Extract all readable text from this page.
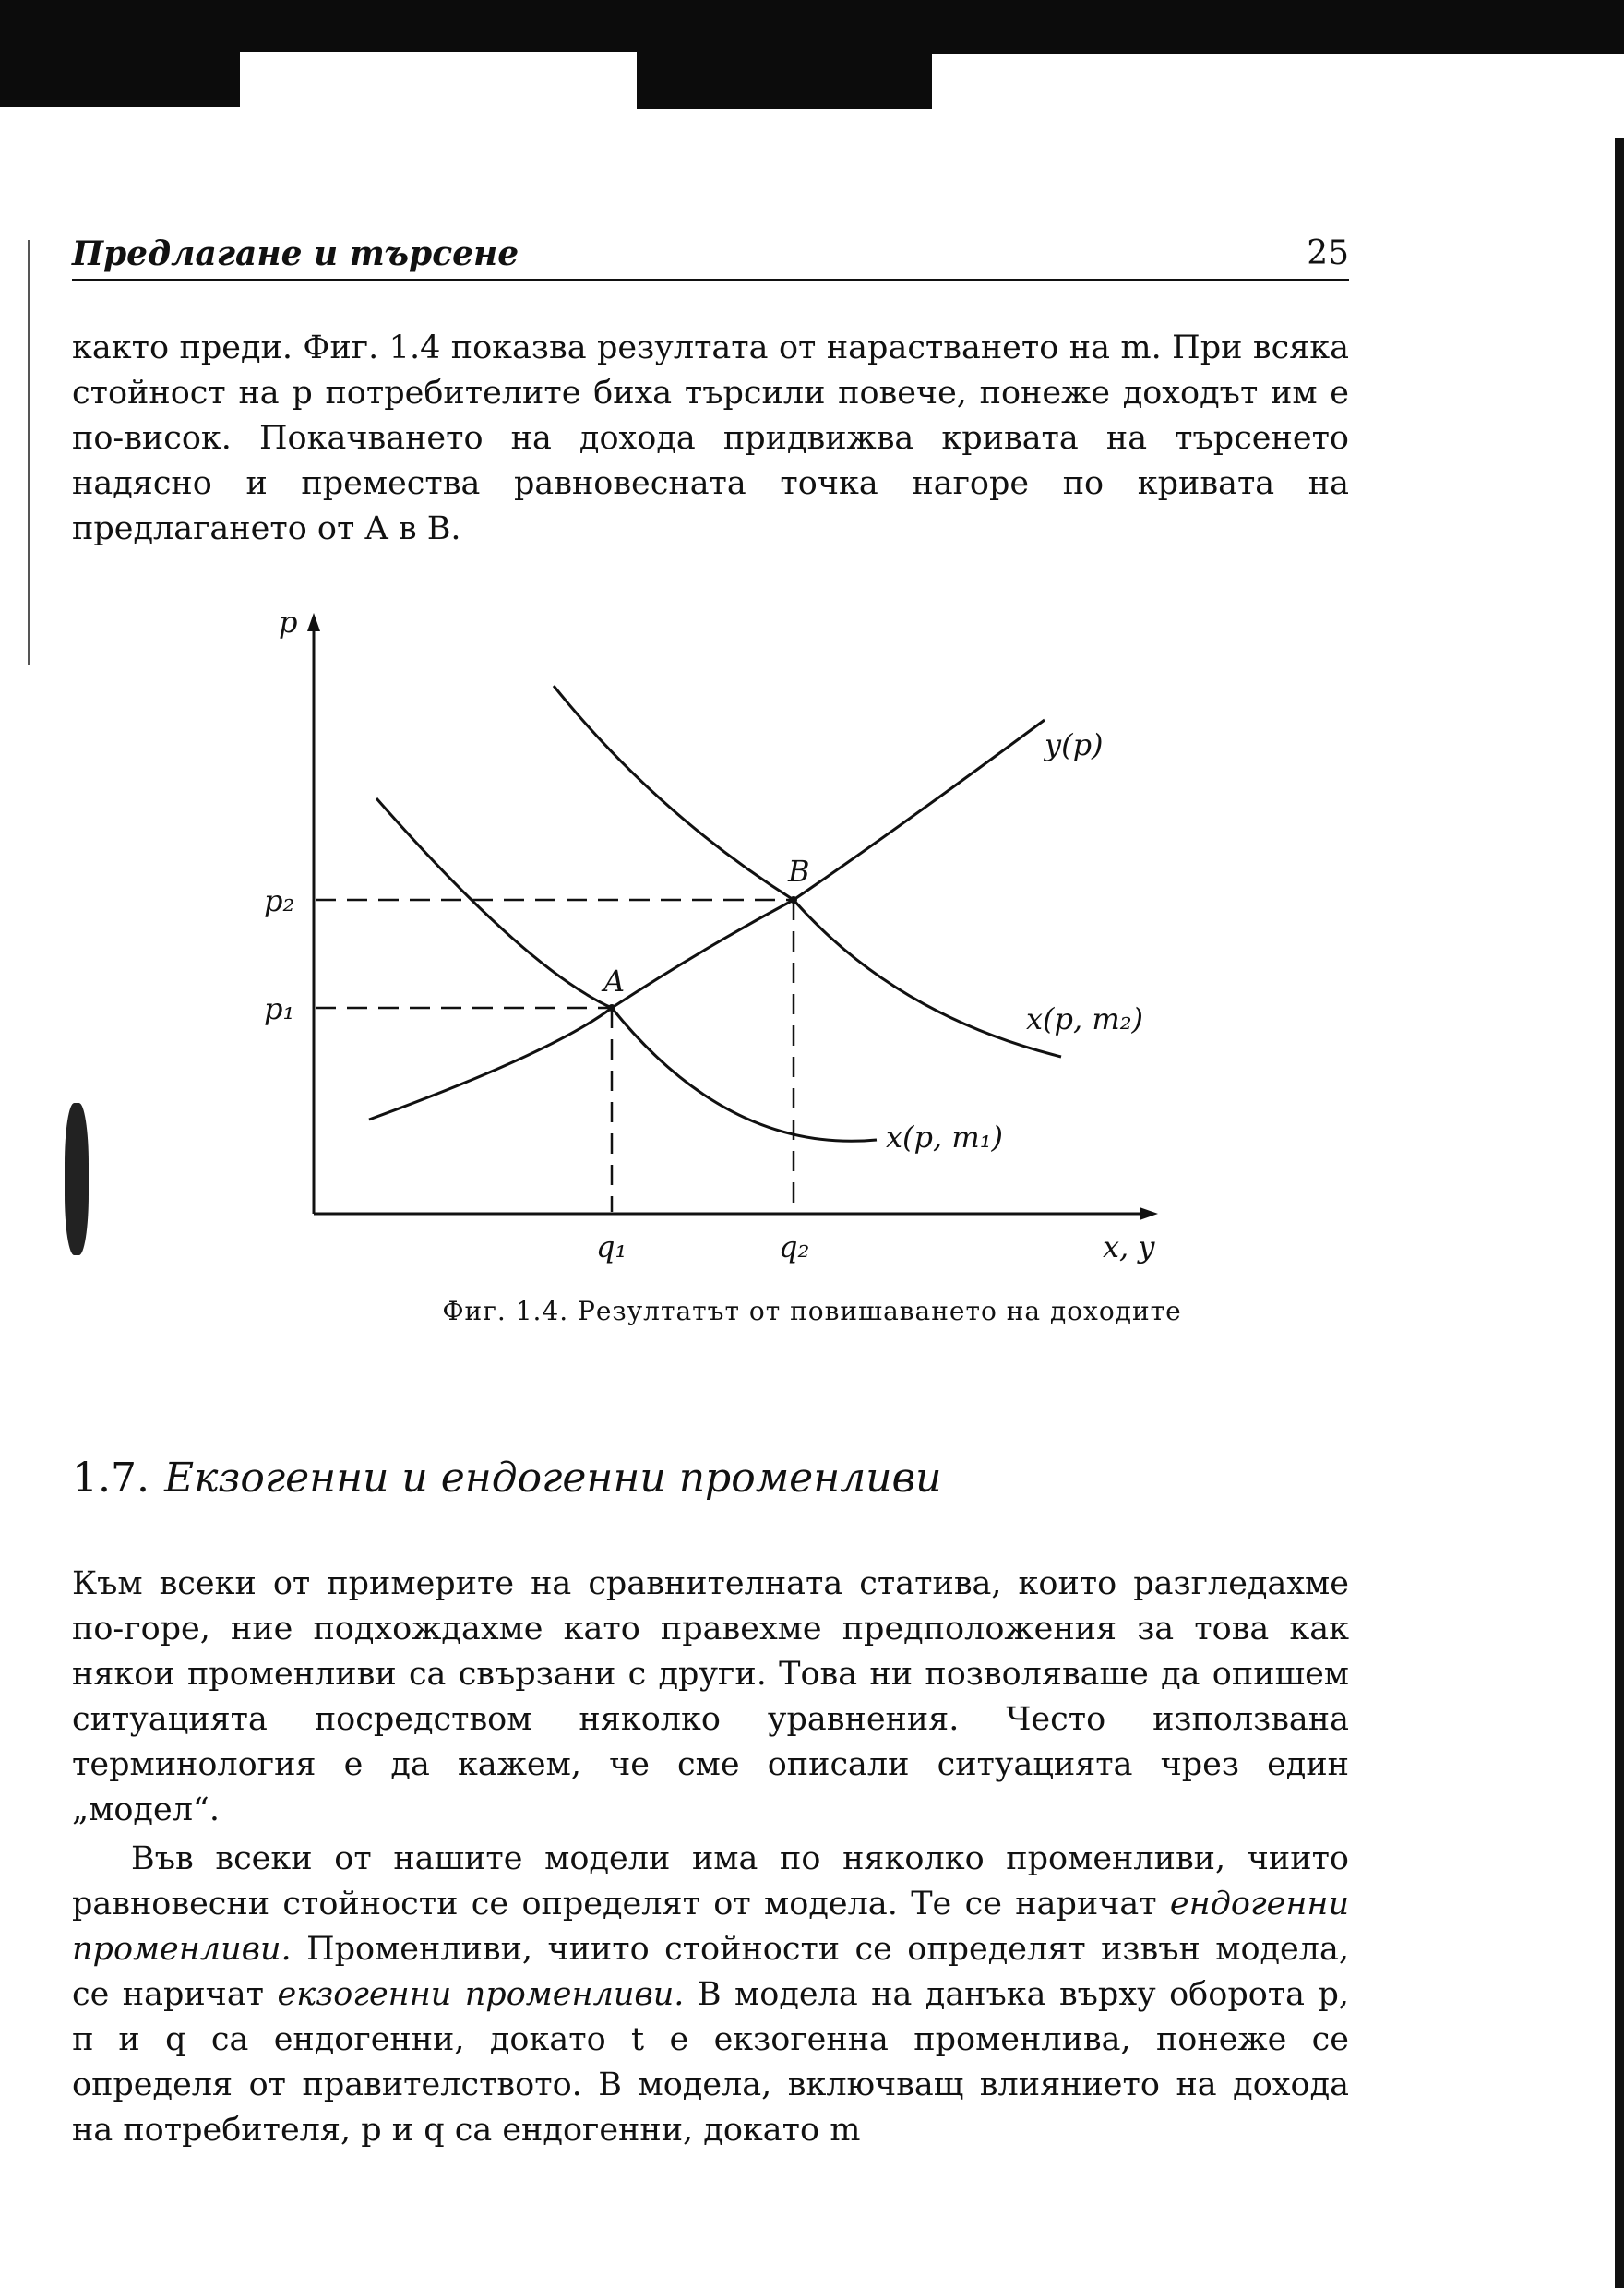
Предлагане и търсене	25

както преди. Фиг. 1.4 показва резултата от нарастването на m. При всяка стойност на p потребителите биха търсили повече, понеже доходът им е по-висок. Покачването на дохода придвижва кривата на търсенето надясно и премества равновесната точка нагоре по кривата на предлагането от A в B.

p
x, y
p₂
p₁
q₁	q₂
A
B
y(p)
x(p, m₂)
x(p, m₁)
Фиг. 1.4. Резултатът от повишаването на доходите
1.7. Екзогенни и ендогенни променливи

Към всеки от примерите на сравнителната статива, които разгледахме по-горе, ние подхождахме като правехме предположения за това как някои променливи са свързани с други. Това ни позволяваше да опишем ситуацията посредством няколко уравнения. Често използвана терминология е да кажем, че сме описали ситуацията чрез един „модел“.

Във всеки от нашите модели има по няколко променливи, чиито равновесни стойности се определят от модела. Те се наричат ендогенни променливи. Променливи, чиито стойности се определят извън модела, се наричат екзогенни променливи. В модела на данъка върху оборота p, π и q са ендогенни, докато t е екзогенна променлива, понеже се определя от правителството. В модела, включващ влиянието на дохода на потребителя, p и q са ендогенни, докато m
